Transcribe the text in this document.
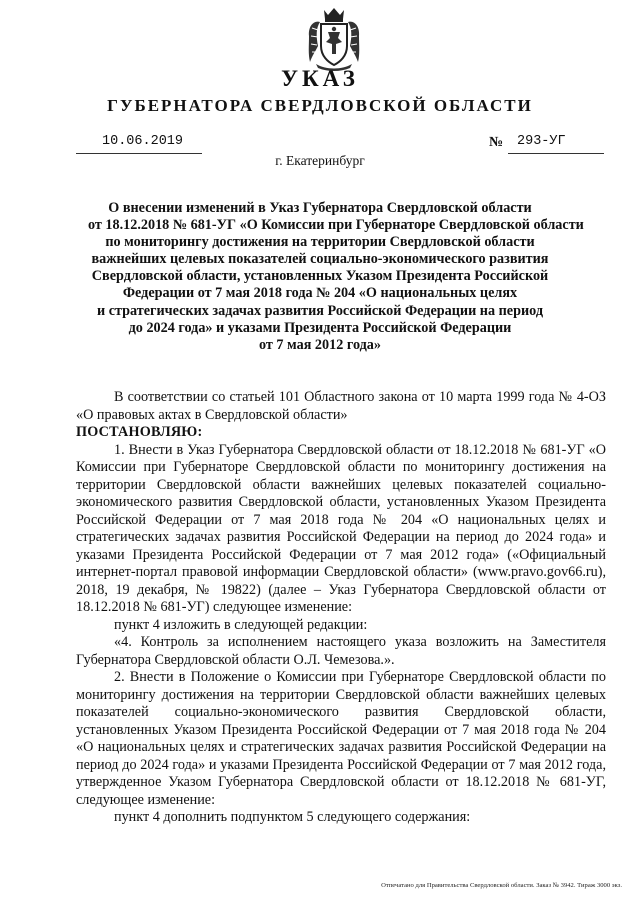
УКАЗ
ГУБЕРНАТОРА СВЕРДЛОВСКОЙ ОБЛАСТИ
10.06.2019	№ 293-УГ
г. Екатеринбург
О внесении изменений в Указ Губернатора Свердловской области
от 18.12.2018 № 681-УГ «О Комиссии при Губернаторе Свердловской области
по мониторингу достижения на территории Свердловской области
важнейших целевых показателей социально-экономического развития
Свердловской области, установленных Указом Президента Российской
Федерации от 7 мая 2018 года № 204 «О национальных целях
и стратегических задачах развития Российской Федерации на период
до 2024 года» и указами Президента Российской Федерации
от 7 мая 2012 года»

В соответствии со статьей 101 Областного закона от 10 марта 1999 года № 4-ОЗ «О правовых актах в Свердловской области»

ПОСТАНОВЛЯЮ:

1. Внести в Указ Губернатора Свердловской области от 18.12.2018 № 681-УГ «О Комиссии при Губернаторе Свердловской области по мониторингу достижения на территории Свердловской области важнейших целевых показателей социально-экономического развития Свердловской области, установленных Указом Президента Российской Федерации от 7 мая 2018 года № 204 «О национальных целях и стратегических задачах развития Российской Федерации на период до 2024 года» и указами Президента Российской Федерации от 7 мая 2012 года» («Официальный интернет-портал правовой информации Свердловской области» (www.pravo.gov66.ru), 2018, 19 декабря, № 19822) (далее – Указ Губернатора Свердловской области от 18.12.2018 № 681-УГ) следующее изменение:

пункт 4 изложить в следующей редакции:

«4. Контроль за исполнением настоящего указа возложить на Заместителя Губернатора Свердловской области О.Л. Чемезова.».

2. Внести в Положение о Комиссии при Губернаторе Свердловской области по мониторингу достижения на территории Свердловской области важнейших целевых показателей социально-экономического развития Свердловской области, установленных Указом Президента Российской Федерации от 7 мая 2018 года № 204 «О национальных целях и стратегических задачах развития Российской Федерации на период до 2024 года» и указами Президента Российской Федерации от 7 мая 2012 года, утвержденное Указом Губернатора Свердловской области от 18.12.2018 № 681-УГ, следующее изменение:

пункт 4 дополнить подпунктом 5 следующего содержания:

Отпечатано для Правительства Свердловской области. Заказ № 3942. Тираж 3000 экз.
